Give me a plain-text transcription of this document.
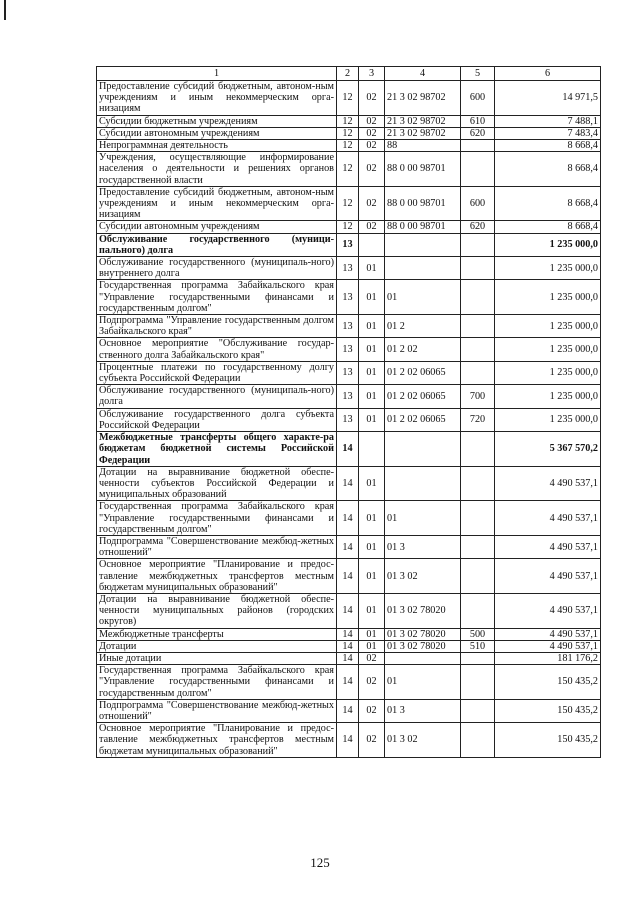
1	2	3	4	5	6
Предоставление субсидий бюджетным, автоном-ным учреждениям и иным некоммерческим орга-низациям	12	02	21 3 02 98702	600	14 971,5
Субсидии бюджетным учреждениям	12	02	21 3 02 98702	610	7 488,1
Субсидии автономным учреждениям	12	02	21 3 02 98702	620	7 483,4
Непрограммная деятельность	12	02	88		8 668,4
Учреждения, осуществляющие информирование населения о деятельности и решениях органов государственной власти	12	02	88 0 00 98701		8 668,4
Предоставление субсидий бюджетным, автоном-ным учреждениям и иным некоммерческим орга-низациям	12	02	88 0 00 98701	600	8 668,4
Субсидии автономным учреждениям	12	02	88 0 00 98701	620	8 668,4
Обслуживание государственного (муници-пального) долга	13				1 235 000,0
Обслуживание государственного (муниципаль-ного) внутреннего долга	13	01			1 235 000,0
Государственная программа Забайкальского края "Управление государственными финансами и государственным долгом"	13	01	01		1 235 000,0
Подпрограмма "Управление государственным долгом Забайкальского края"	13	01	01 2		1 235 000,0
Основное мероприятие "Обслуживание государ-ственного долга Забайкальского края"	13	01	01 2 02		1 235 000,0
Процентные платежи по государственному долгу субъекта Российской Федерации	13	01	01 2 02 06065		1 235 000,0
Обслуживание государственного (муниципаль-ного) долга	13	01	01 2 02 06065	700	1 235 000,0
Обслуживание государственного долга субъекта Российской Федерации	13	01	01 2 02 06065	720	1 235 000,0
Межбюджетные трансферты общего характе-ра бюджетам бюджетной системы Российской Федерации	14				5 367 570,2
Дотации на выравнивание бюджетной обеспе-ченности субъектов Российской Федерации и муниципальных образований	14	01			4 490 537,1
Государственная программа Забайкальского края "Управление государственными финансами и государственным долгом"	14	01	01		4 490 537,1
Подпрограмма "Совершенствование межбюд-жетных отношений"	14	01	01 3		4 490 537,1
Основное мероприятие "Планирование и предос-тавление межбюджетных трансфертов местным бюджетам муниципальных образований"	14	01	01 3 02		4 490 537,1
Дотации на выравнивание бюджетной обеспе-ченности муниципальных районов (городских округов)	14	01	01 3 02 78020		4 490 537,1
Межбюджетные трансферты	14	01	01 3 02 78020	500	4 490 537,1
Дотации	14	01	01 3 02 78020	510	4 490 537,1
Иные дотации	14	02			181 176,2
Государственная программа Забайкальского края "Управление государственными финансами и государственным долгом"	14	02	01		150 435,2
Подпрограмма "Совершенствование межбюд-жетных отношений"	14	02	01 3		150 435,2
Основное мероприятие "Планирование и предос-тавление межбюджетных трансфертов местным бюджетам муниципальных образований"	14	02	01 3 02		150 435,2
125
